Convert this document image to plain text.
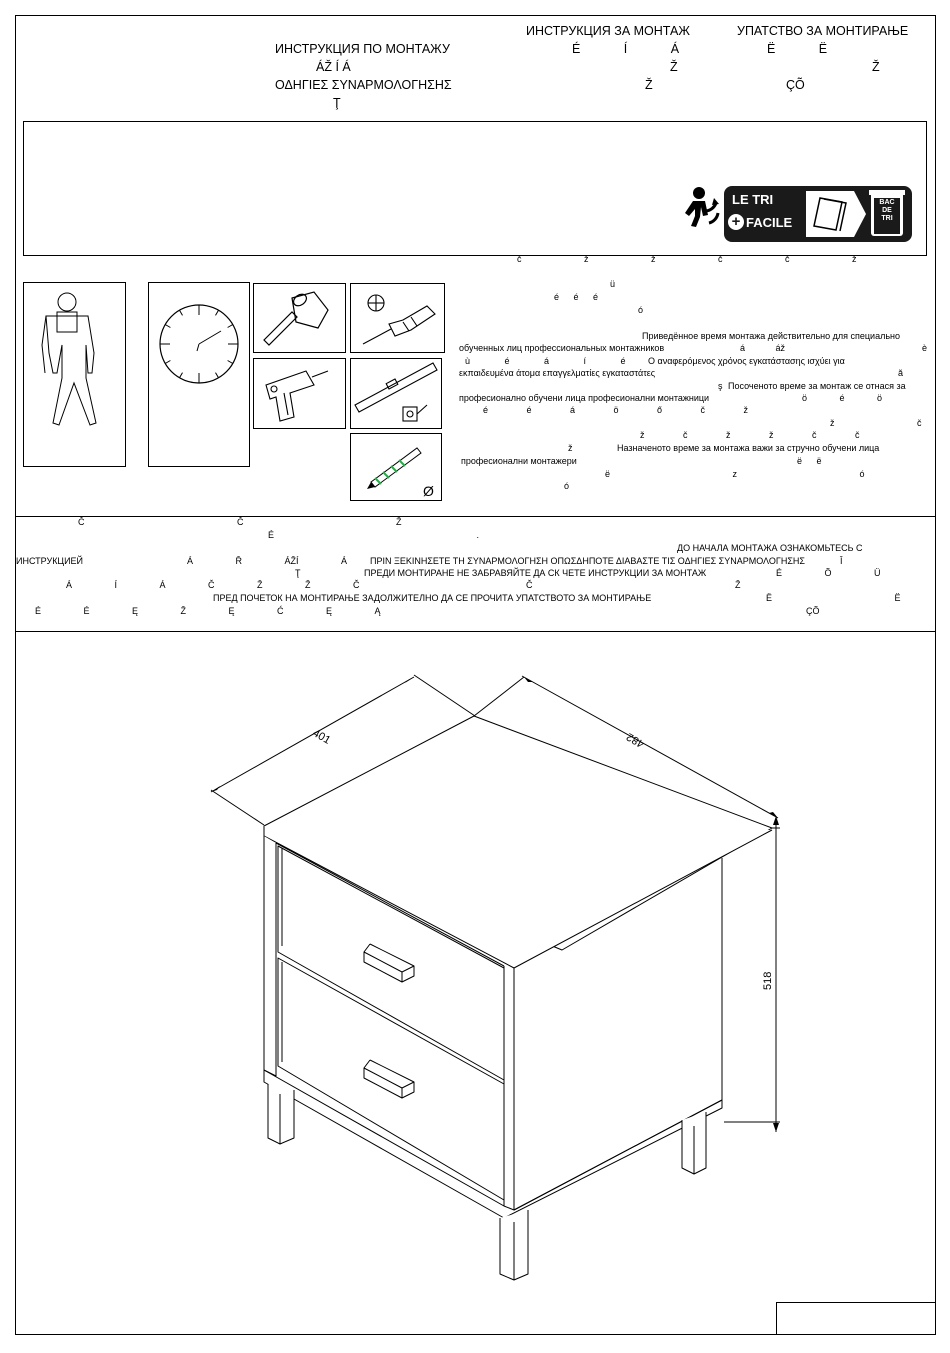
ИНСТРУКЦИЯ ПО МОНТАЖУ
ИНСТРУКЦИЯ ЗА МОНТАЖ	УПАТСТВО ЗА МОНТИРАЊЕ
ΟΔΗΓΙΕΣ ΣΥΝΑΡΜΟΛΟΓΗΣΗΣ
ÁŽ Í Á
É Í Á	Ë Ë
Ž	Ž
Ž	ÇÕ
Ţ
LE TRI
+ FACILE
BAC
DE
TRI
Ø
č ž ž č č ž
ü
é é é
ó
Приведённое время монтажа действительно для специально
обученных лиц профессиональных монтажников	á áž	è
ù é á í é Ο αναφερόμενος χρόνος εγκατάστασης ισχύει για
εκπαιδευμένα άτομα επαγγελματίες εγκαταστάτες	ă
ş Посоченото време за монтаж се отнася за
професионално обучени лица професионални монтажници	ö é ö
é é á ö ő č ž
ž č
ž č ž ž č č
ž	Назначеното време за монтажа важи за стручно обучени лица
професионални монтажери	ë ë
ë z ó
ó
Č Č Ž
É .
ДО НАЧАЛА МОНТАЖА ОЗНАКОМЬТЕСЬ С
ИНСТРУКЦИЕЙ	Á Ř ÁŽÍ Á	ΠΡΙΝ ΞΕΚΙΝΗΣΕΤΕ ΤΗ ΣΥΝΑΡΜΟΛΟΓΗΣΗ ΟΠΩΣΔΗΠΟΤΕ ΔΙΑΒΑΣΤΕ ΤΙΣ ΟΔΗΓΙΕΣ ΣΥΝΑΡΜΟΛΟΓΗΣΗΣ	Î
Ţ	ПРЕДИ МОНТИРАНЕ НЕ ЗАБРАВЯЙТЕ ДА СК ЧЕТЕ ИНСТРУКЦИИ ЗА МОНТАЖ	É Õ Ü
Á Í Á Č Ž Ž Č	Č Ž
ПРЕД ПОЧЕТОК НА МОНТИРАЊЕ ЗАДОЛЖИТЕЛНО ДА СЕ ПРОЧИТА УПАТСТВОТО ЗА МОНТИРАЊЕ	Ë Ë
É É Ę Ž Ę Ć Ę Ą	ÇÕ
401	482
518
